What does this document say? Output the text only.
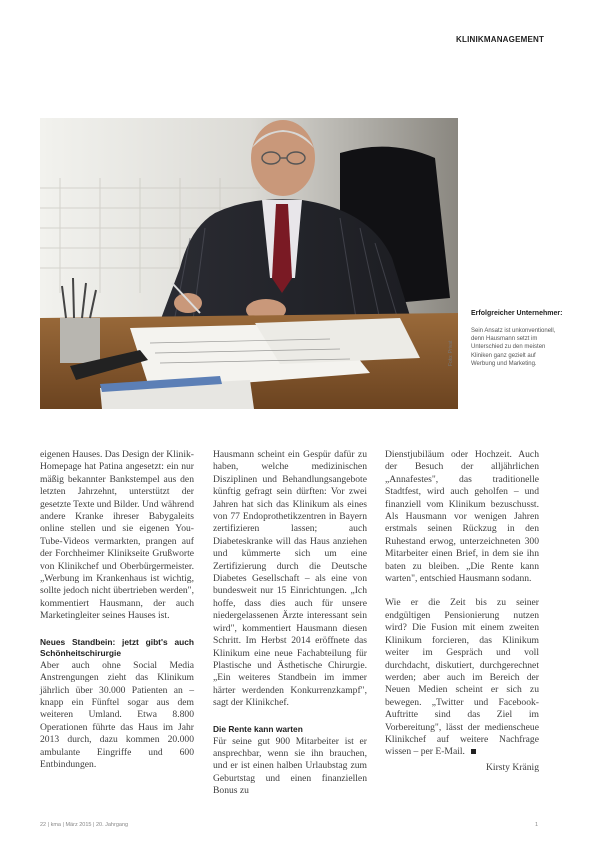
KLINIKMANAGEMENT
Foto: Privat
Erfolgreicher Unternehmer:
Sein Ansatz ist unkonventionell, denn Hausmann setzt im Unterschied zu den meisten Kliniken ganz gezielt auf Werbung und Marketing.

eigenen Hauses. Das Design der Klinik-Homepage hat Patina angesetzt: ein nur mäßig bekannter Bankstempel aus den letzten Jahrzehnt, unterstützt der gesetzte Texte und Bilder. Und während andere Kranke ihreser Babygaleits online stellen und sie eigenen You-Tube-Videos vermarkten, prangen auf der Forchheimer Klinikseite Grußworte von Klinikchef und Oberbürgermeister. „Werbung im Krankenhaus ist wichtig, sollte jedoch nicht übertrieben werden", kommentiert Hausmann, der auch Marketingleiter seines Hauses ist.

Neues Standbein: jetzt gibt's auch Schönheitschirurgie

Aber auch ohne Social Media Anstrengungen zieht das Klinikum jährlich über 30.000 Patienten an – knapp ein Fünftel sogar aus dem weiteren Umland. Etwa 8.800 Operationen führte das Haus im Jahr 2013 durch, dazu kommen 20.000 ambulante Eingriffe und 600 Entbindungen.

Hausmann scheint ein Gespür dafür zu haben, welche medizinischen Disziplinen und Behandlungsangebote künftig gefragt sein dürften: Vor zwei Jahren hat sich das Klinikum als eines von 77 Endoprothetikzentren in Bayern zertifizieren lassen; auch Diabeteskranke will das Haus anziehen und kümmerte sich um eine Zertifizierung durch die Deutsche Diabetes Gesellschaft – als eine von bundesweit nur 15 Einrichtungen. „Ich hoffe, dass dies auch für unsere niedergelassenen Ärzte interessant sein wird", kommentiert Hausmann diesen Schritt. Im Herbst 2014 eröffnete das Klinikum eine neue Fachabteilung für Plastische und Ästhetische Chirurgie. „Ein weiteres Standbein im immer härter werdenden Konkurrenzkampf", sagt der Klinikchef.

Die Rente kann warten

Für seine gut 900 Mitarbeiter ist er ansprechbar, wenn sie ihn brauchen, und er ist einen halben Urlaubstag zum Geburtstag und einen finanziellen Bonus zu

Dienstjubiläum oder Hochzeit. Auch der Besuch der alljährlichen „Annafestes", das traditionelle Stadtfest, wird auch geholfen – und finanziell vom Klinikum bezuschusst. Als Hausmann vor wenigen Jahren erstmals seinen Rückzug in den Ruhestand erwog, unterzeichneten 300 Mitarbeiter einen Brief, in dem sie ihn baten zu bleiben. „Die Rente kann warten", entschied Hausmann sodann.

Wie er die Zeit bis zu seiner endgültigen Pensionierung nutzen wird? Die Fusion mit einem zweiten Klinikum forcieren, das Klinikum weiter im Gespräch und voll durchdacht, diskutiert, durchgerechnet werden; aber auch im Bereich der Neuen Medien scheint er sich zu bewegen. „Twitter und Facebook-Auftritte sind das Ziel im Vorbereitung", lässt der medienscheue Klinikchef auf weitere Nachfrage wissen – per E-Mail.

Kirsty Kränig

22 | kma | März 2015 | 20. Jahrgang	1
